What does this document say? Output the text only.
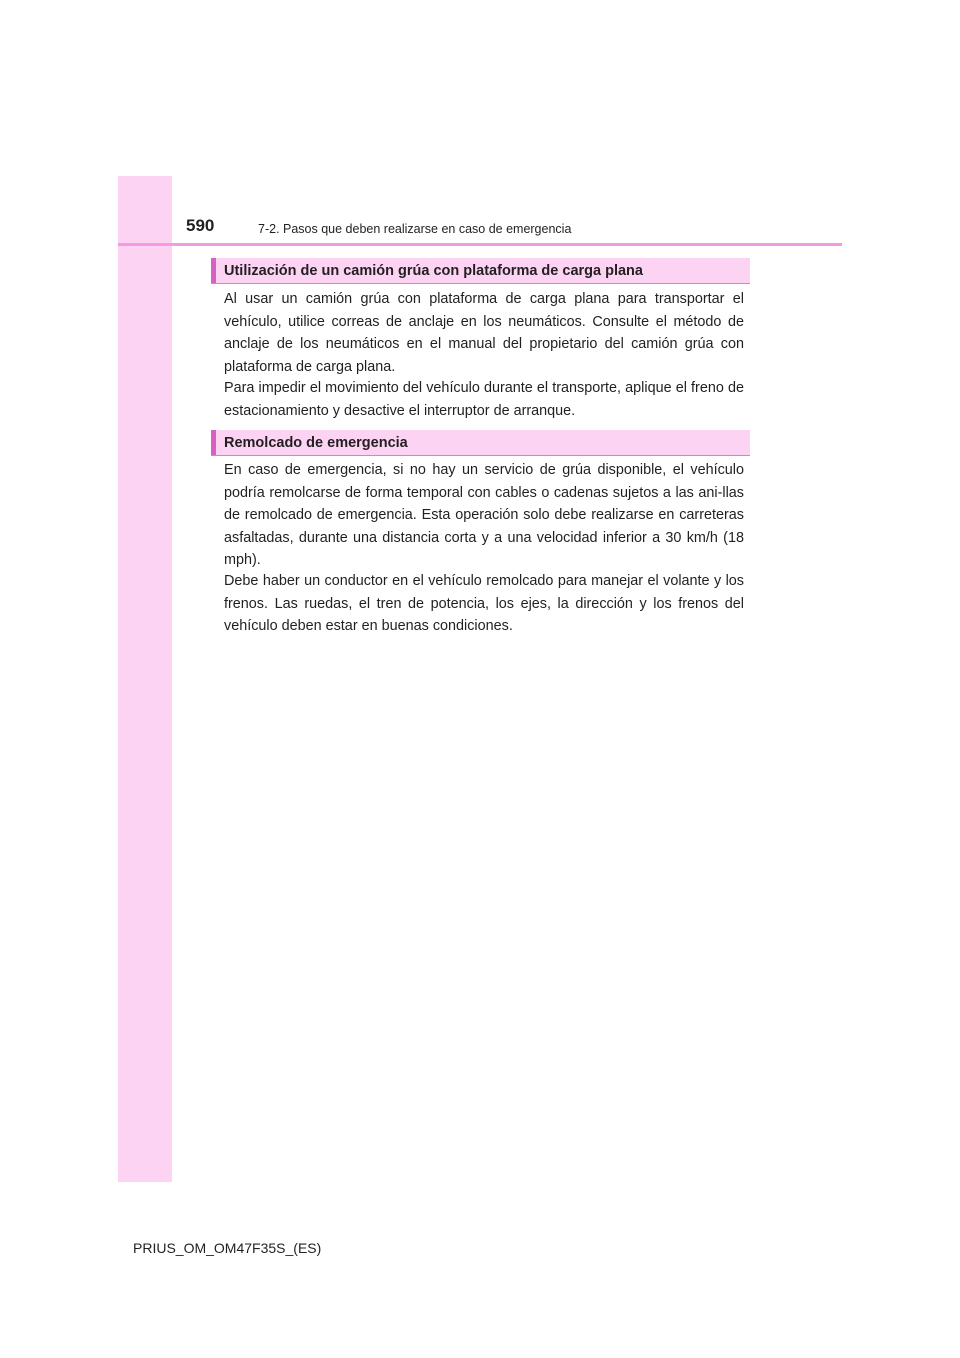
590	7-2. Pasos que deben realizarse en caso de emergencia
Utilización de un camión grúa con plataforma de carga plana

Al usar un camión grúa con plataforma de carga plana para transportar el vehículo, utilice correas de anclaje en los neumáticos. Consulte el método de anclaje de los neumáticos en el manual del propietario del camión grúa con plataforma de carga plana.

Para impedir el movimiento del vehículo durante el transporte, aplique el freno de estacionamiento y desactive el interruptor de arranque.

Remolcado de emergencia

En caso de emergencia, si no hay un servicio de grúa disponible, el vehículo podría remolcarse de forma temporal con cables o cadenas sujetos a las ani-llas de remolcado de emergencia. Esta operación solo debe realizarse en carreteras asfaltadas, durante una distancia corta y a una velocidad inferior a 30 km/h (18 mph).

Debe haber un conductor en el vehículo remolcado para manejar el volante y los frenos. Las ruedas, el tren de potencia, los ejes, la dirección y los frenos del vehículo deben estar en buenas condiciones.

PRIUS_OM_OM47F35S_(ES)
